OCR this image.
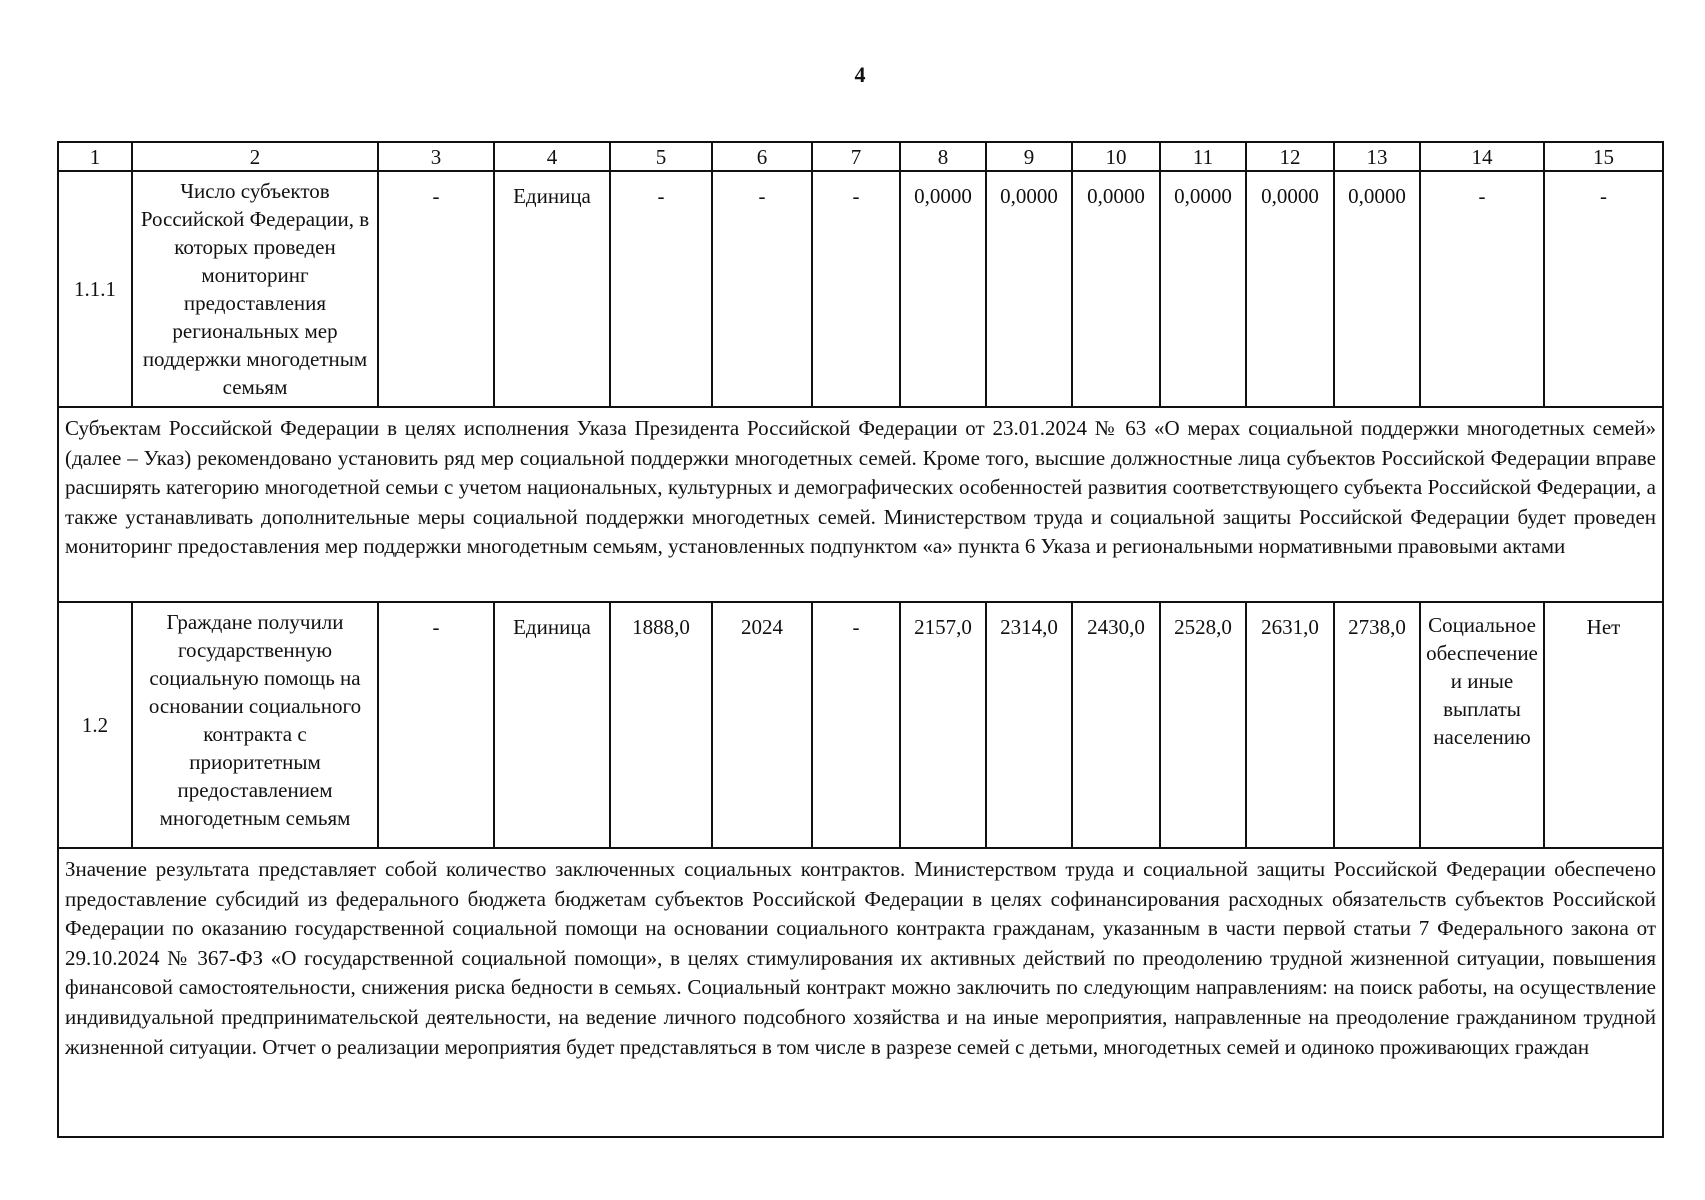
4
1	2	3	4	5	6	7	8	9	10	11	12	13	14	15
1.1.1	Число субъектов Российской Федерации, в которых проведен мониторинг предоставления региональных мер поддержки многодетным семьям	-	Единица	-	-	-	0,0000	0,0000	0,0000	0,0000	0,0000	0,0000	-	-
Субъектам Российской Федерации в целях исполнения Указа Президента Российской Федерации от 23.01.2024 № 63 «О мерах социальной поддержки многодетных семей» (далее – Указ) рекомендовано установить ряд мер социальной поддержки многодетных семей. Кроме того, высшие должностные лица субъектов Российской Федерации вправе расширять категорию многодетной семьи с учетом национальных, культурных и демографических особенностей развития соответствующего субъекта Российской Федерации, а также устанавливать дополнительные меры социальной поддержки многодетных семей. Министерством труда и социальной защиты Российской Федерации будет проведен мониторинг предоставления мер поддержки многодетным семьям, установленных подпунктом «а» пункта 6 Указа и региональными нормативными правовыми актами														
1.2	Граждане получили государственную социальную помощь на основании социального контракта с приоритетным предоставлением многодетным семьям	-	Единица	1888,0	2024	-	2157,0	2314,0	2430,0	2528,0	2631,0	2738,0	Социальное обеспечение и иные выплаты населению	Нет
Значение результата представляет собой количество заключенных социальных контрактов. Министерством труда и социальной защиты Российской Федерации обеспечено предоставление субсидий из федерального бюджета бюджетам субъектов Российской Федерации в целях софинансирования расходных обязательств субъектов Российской Федерации по оказанию государственной социальной помощи на основании социального контракта гражданам, указанным в части первой статьи 7 Федерального закона от 29.10.2024 № 367-ФЗ «О государственной социальной помощи», в целях стимулирования их активных действий по преодолению трудной жизненной ситуации, повышения финансовой самостоятельности, снижения риска бедности в семьях. Социальный контракт можно заключить по следующим направлениям: на поиск работы, на осуществление индивидуальной предпринимательской деятельности, на ведение личного подсобного хозяйства и на иные мероприятия, направленные на преодоление гражданином трудной жизненной ситуации. Отчет о реализации мероприятия будет представляться в том числе в разрезе семей с детьми, многодетных семей и одиноко проживающих граждан														
